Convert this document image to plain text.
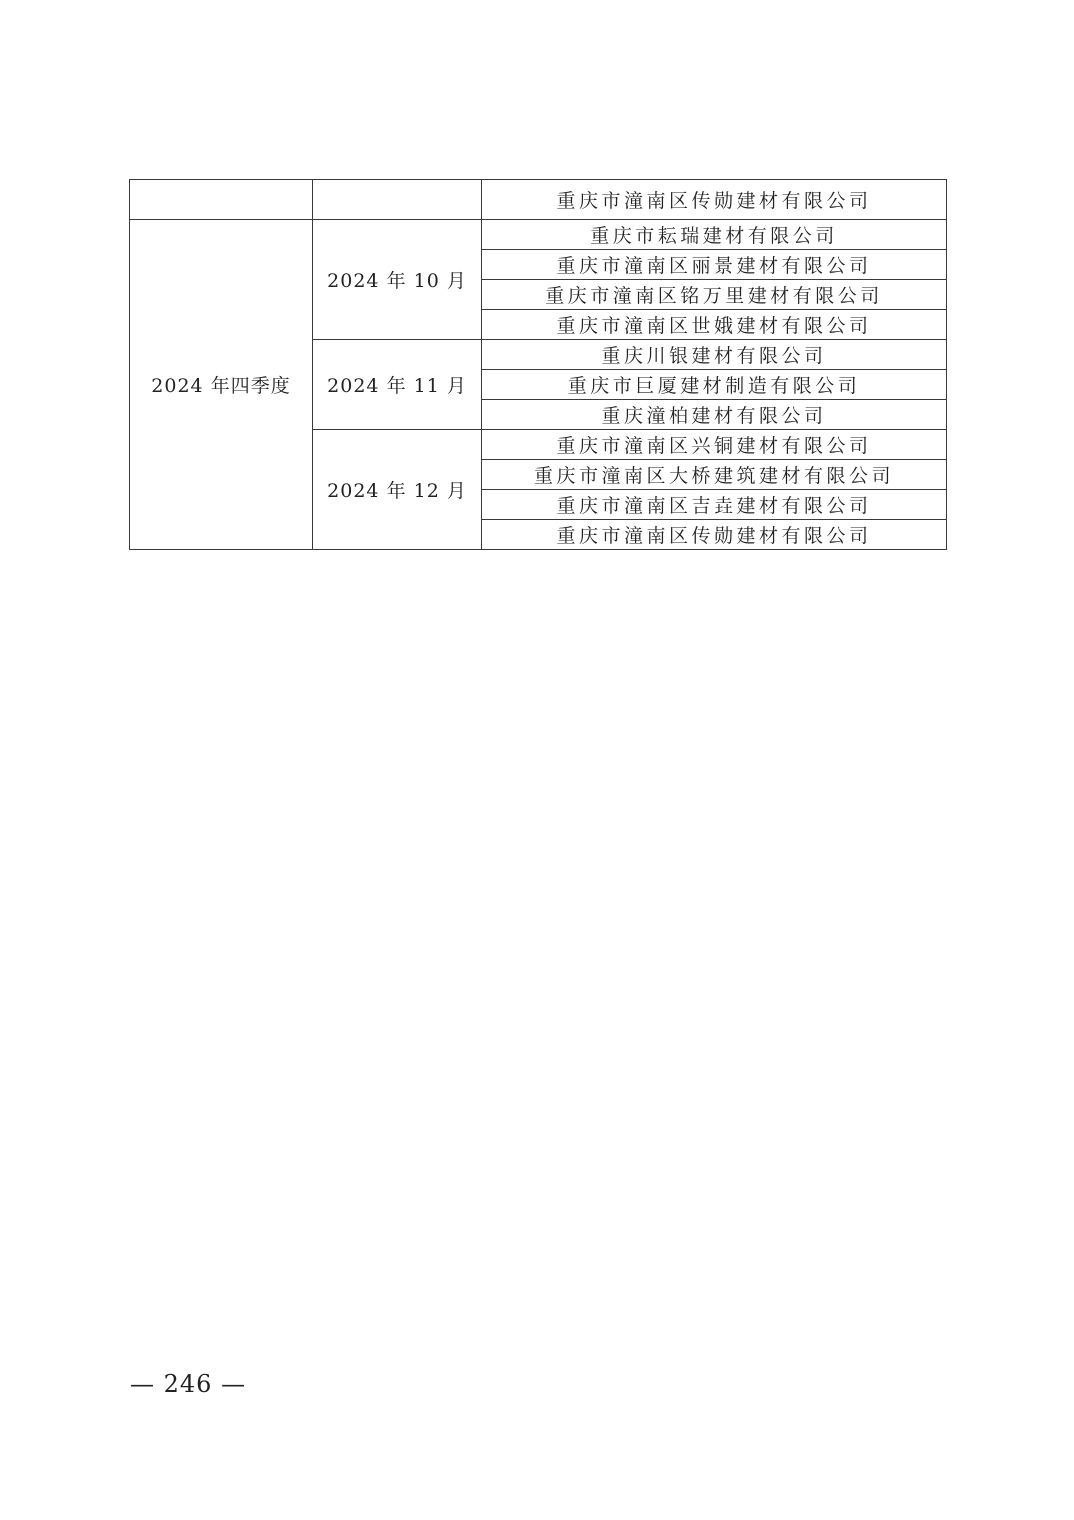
		重庆市潼南区传勋建材有限公司
2024 年四季度	2024 年 10 月	重庆市耘瑞建材有限公司
		重庆市潼南区丽景建材有限公司
		重庆市潼南区铭万里建材有限公司
		重庆市潼南区世娥建材有限公司
	2024 年 11 月	重庆川银建材有限公司
		重庆市巨厦建材制造有限公司
		重庆潼柏建材有限公司
	2024 年 12 月	重庆市潼南区兴铜建材有限公司
		重庆市潼南区大桥建筑建材有限公司
		重庆市潼南区吉垚建材有限公司
		重庆市潼南区传勋建材有限公司
— 246 —
